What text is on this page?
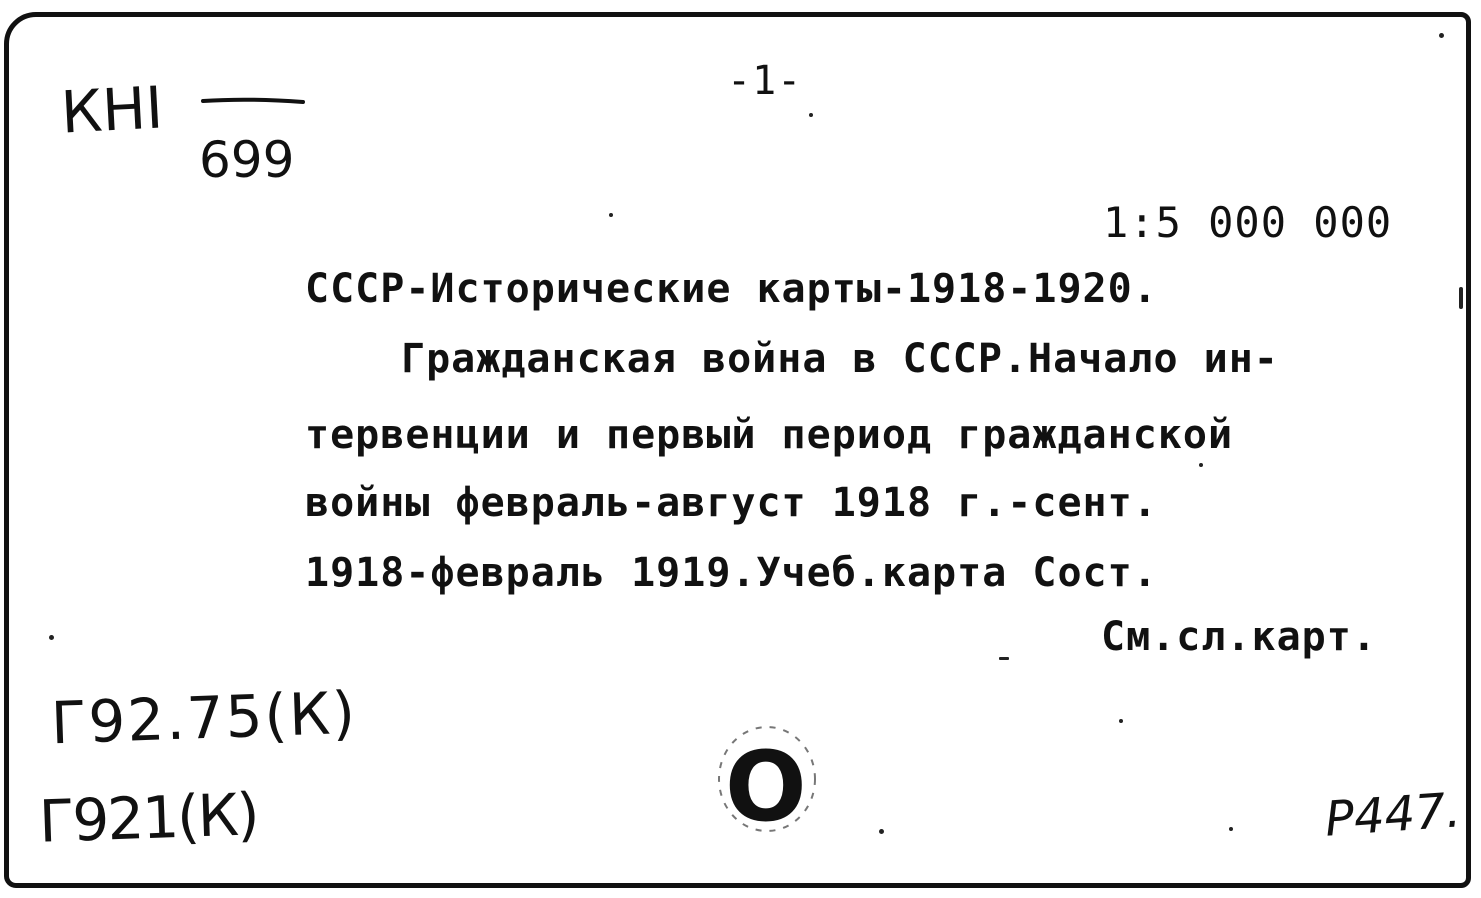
КНІ
699
-1-
1:5 000 000
СССР-Исторические карты-1918-1920.
Гражданская война в СССР.Начало ин-
тервенции и первый период гражданской
войны февраль-август 1918 г.-сент.
1918-февраль 1919.Учеб.карта Сост.
См.сл.карт.
Г92.75(К)
Г921(К)	О	Р447.
